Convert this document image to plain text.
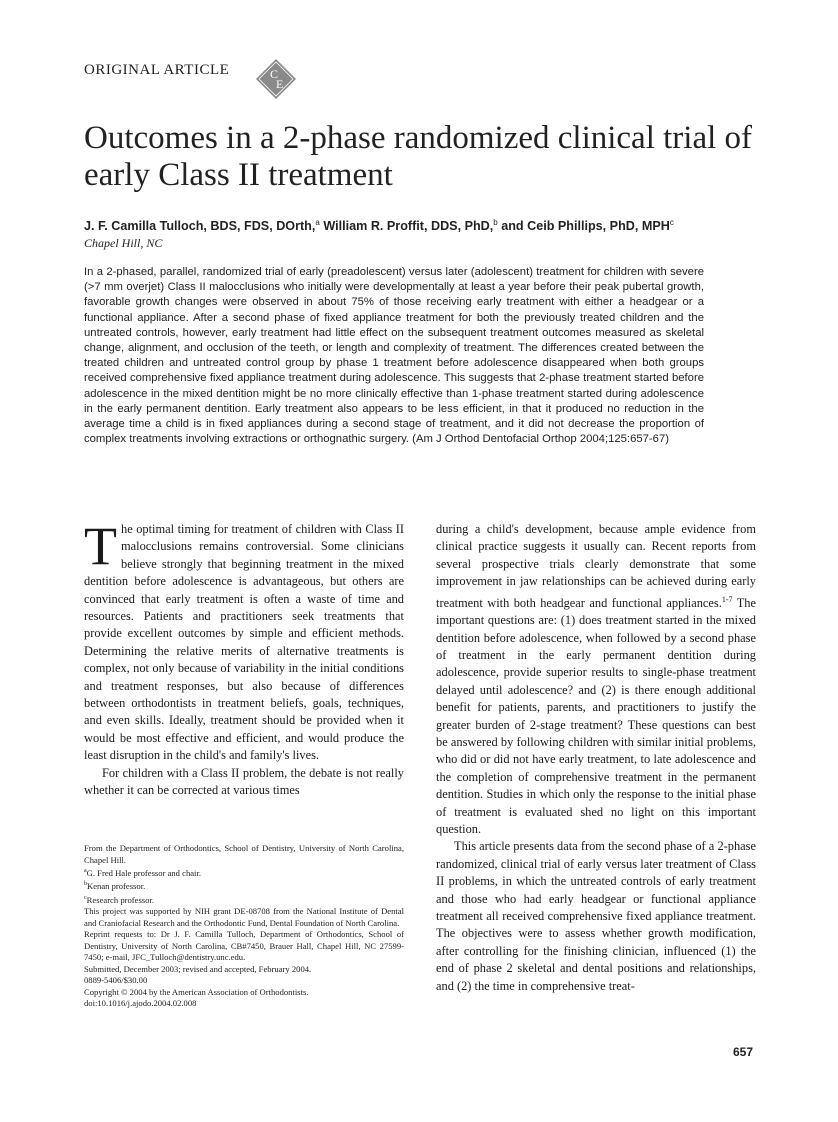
ORIGINAL ARTICLE	C
E
Outcomes in a 2-phase randomized clinical trial of early Class II treatment
J. F. Camilla Tulloch, BDS, FDS, DOrth,$^a$ William R. Proffit, DDS, PhD,$^b$ and Ceib Phillips, PhD, MPH$^c$
Chapel Hill, NC

In a 2-phased, parallel, randomized trial of early (preadolescent) versus later (adolescent) treatment for children with severe (>7 mm overjet) Class II malocclusions who initially were developmentally at least a year before their peak pubertal growth, favorable growth changes were observed in about 75% of those receiving early treatment with either a headgear or a functional appliance. After a second phase of fixed appliance treatment for both the previously treated children and the untreated controls, however, early treatment had little effect on the subsequent treatment outcomes measured as skeletal change, alignment, and occlusion of the teeth, or length and complexity of treatment. The differences created between the treated children and untreated control group by phase 1 treatment before adolescence disappeared when both groups received comprehensive fixed appliance treatment during adolescence. This suggests that 2-phase treatment started before adolescence in the mixed dentition might be no more clinically effective than 1-phase treatment started during adolescence in the early permanent dentition. Early treatment also appears to be less efficient, in that it produced no reduction in the average time a child is in fixed appliances during a second stage of treatment, and it did not decrease the proportion of complex treatments involving extractions or orthognathic surgery. (Am J Orthod Dentofacial Orthop 2004;125:657-67)

The optimal timing for treatment of children with Class II malocclusions remains controversial. Some clinicians believe strongly that beginning treatment in the mixed dentition before adolescence is advantageous, but others are convinced that early treatment is often a waste of time and resources. Patients and practitioners seek treatments that provide excellent outcomes by simple and efficient methods. Determining the relative merits of alternative treatments is complex, not only because of variability in the initial conditions and treatment responses, but also because of differences between orthodontists in treatment beliefs, goals, techniques, and even skills. Ideally, treatment should be provided when it would be most effective and efficient, and would produce the least disruption in the child's and family's lives.

For children with a Class II problem, the debate is not really whether it can be corrected at various times

From the Department of Orthodontics, School of Dentistry, University of North Carolina, Chapel Hill.
$^a$G. Fred Hale professor and chair.
$^b$Kenan professor.
$^c$Research professor.
This project was supported by NIH grant DE-08708 from the National Institute of Dental and Craniofacial Research and the Orthodontic Fund, Dental Foundation of North Carolina.
Reprint requests to: Dr J. F. Camilla Tulloch, Department of Orthodontics, School of Dentistry, University of North Carolina, CB#7450, Brauer Hall, Chapel Hill, NC 27599-7450; e-mail, JFC_Tulloch@dentistry.unc.edu.
Submitted, December 2003; revised and accepted, February 2004.
0889-5406/$30.00
Copyright © 2004 by the American Association of Orthodontists.
doi:10.1016/j.ajodo.2004.02.008

during a child's development, because ample evidence from clinical practice suggests it usually can. Recent reports from several prospective trials clearly demonstrate that some improvement in jaw relationships can be achieved during early treatment with both headgear and functional appliances.$^{1-7}$ The important questions are: (1) does treatment started in the mixed dentition before adolescence, when followed by a second phase of treatment in the early permanent dentition during adolescence, provide superior results to single-phase treatment delayed until adolescence? and (2) is there enough additional benefit for patients, parents, and practitioners to justify the greater burden of 2-stage treatment? These questions can best be answered by following children with similar initial problems, who did or did not have early treatment, to late adolescence and the completion of comprehensive treatment in the permanent dentition. Studies in which only the response to the initial phase of treatment is evaluated shed no light on this important question.

This article presents data from the second phase of a 2-phase randomized, clinical trial of early versus later treatment of Class II problems, in which the untreated controls of early treatment and those who had early headgear or functional appliance treatment all received comprehensive fixed appliance treatment. The objectives were to assess whether growth modification, after controlling for the finishing clinician, influenced (1) the end of phase 2 skeletal and dental positions and relationships, and (2) the time in comprehensive treat-

657
